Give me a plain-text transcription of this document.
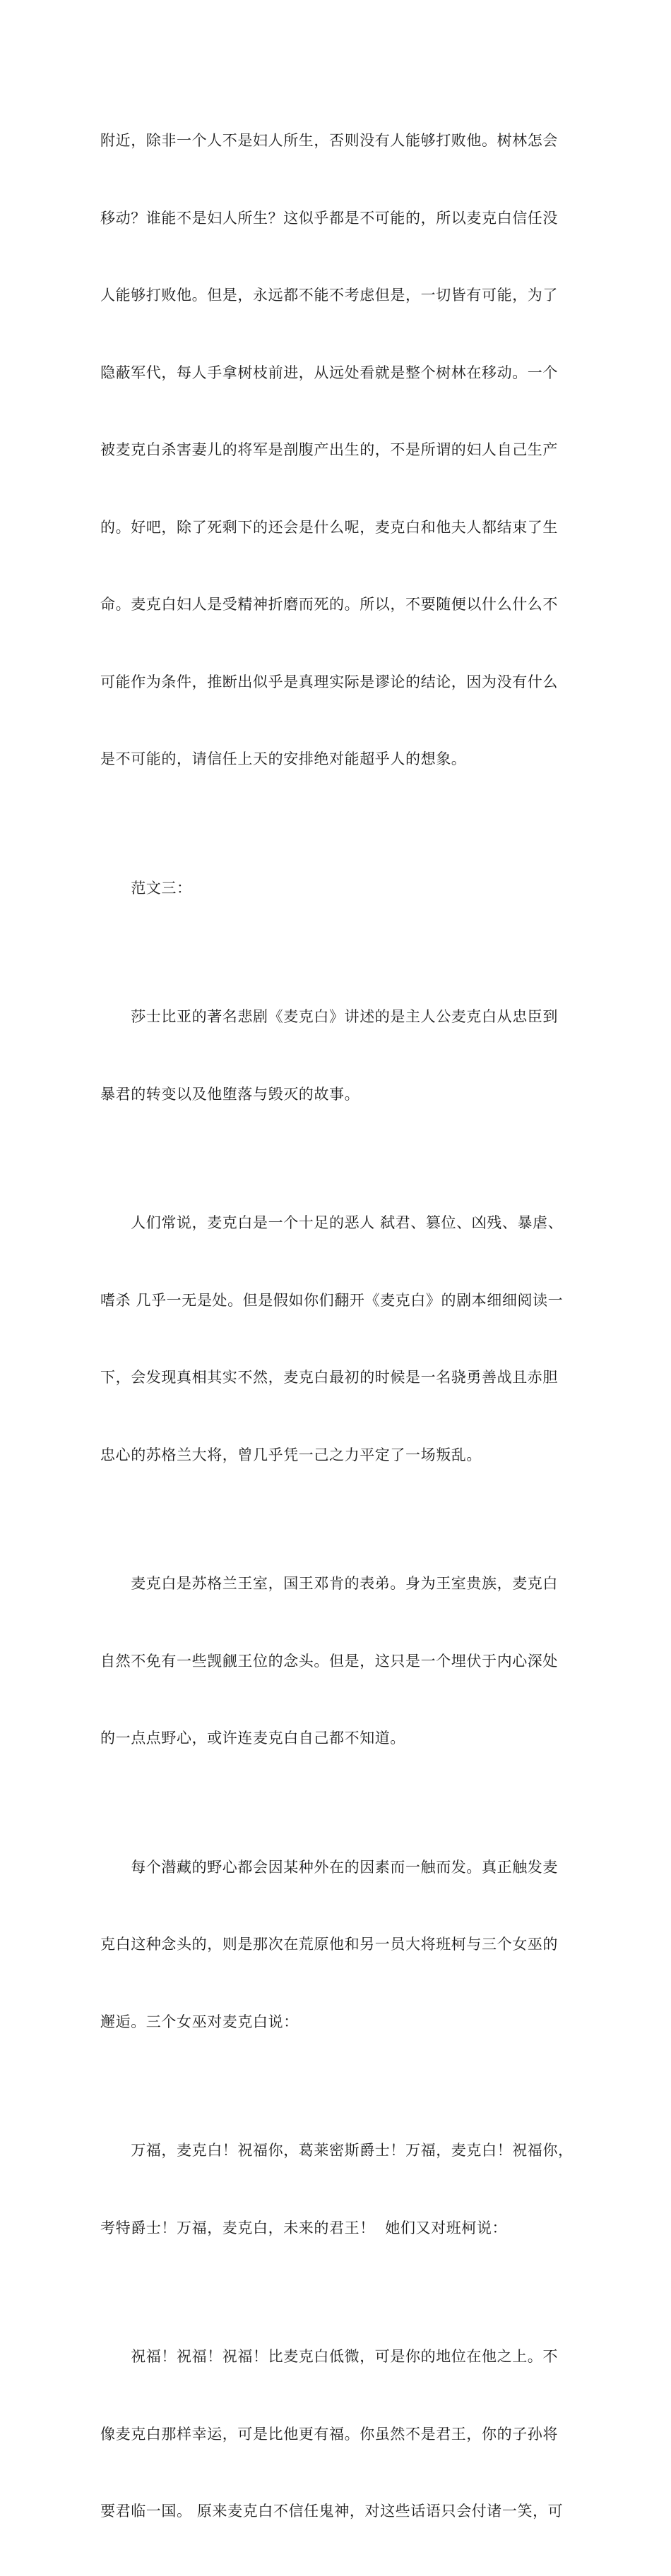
附近，除非一个人不是妇人所生，否则没有人能够打败他。树林怎会

移动？谁能不是妇人所生？这似乎都是不可能的，所以麦克白信任没

人能够打败他。但是，永远都不能不考虑但是，一切皆有可能，为了

隐蔽军代，每人手拿树枝前进，从远处看就是整个树林在移动。一个

被麦克白杀害妻儿的将军是剖腹产出生的，不是所谓的妇人自己生产

的。好吧，除了死剩下的还会是什么呢，麦克白和他夫人都结束了生

命。麦克白妇人是受精神折磨而死的。所以，不要随便以什么什么不

可能作为条件，推断出似乎是真理实际是谬论的结论，因为没有什么

是不可能的，请信任上天的安排绝对能超乎人的想象。

　　范文三：

　　莎士比亚的著名悲剧《麦克白》讲述的是主人公麦克白从忠臣到

暴君的转变以及他堕落与毁灭的故事。

　　人们常说，麦克白是一个十足的恶人 弑君、篡位、凶残、暴虐、

嗜杀 几乎一无是处。但是假如你们翻开《麦克白》的剧本细细阅读一

下，会发现真相其实不然，麦克白最初的时候是一名骁勇善战且赤胆

忠心的苏格兰大将，曾几乎凭一己之力平定了一场叛乱。

　　麦克白是苏格兰王室，国王邓肯的表弟。身为王室贵族，麦克白

自然不免有一些觊觎王位的念头。但是，这只是一个埋伏于内心深处

的一点点野心，或许连麦克白自己都不知道。

　　每个潜藏的野心都会因某种外在的因素而一触而发。真正触发麦

克白这种念头的，则是那次在荒原他和另一员大将班柯与三个女巫的

邂逅。三个女巫对麦克白说：

　　万福，麦克白！祝福你，葛莱密斯爵士！万福，麦克白！祝福你，

考特爵士！万福，麦克白，未来的君王！  她们又对班柯说：

　　祝福！祝福！祝福！比麦克白低微，可是你的地位在他之上。不

像麦克白那样幸运，可是比他更有福。你虽然不是君王，你的子孙将

要君临一国。 原来麦克白不信任鬼神，对这些话语只会付诸一笑，可
